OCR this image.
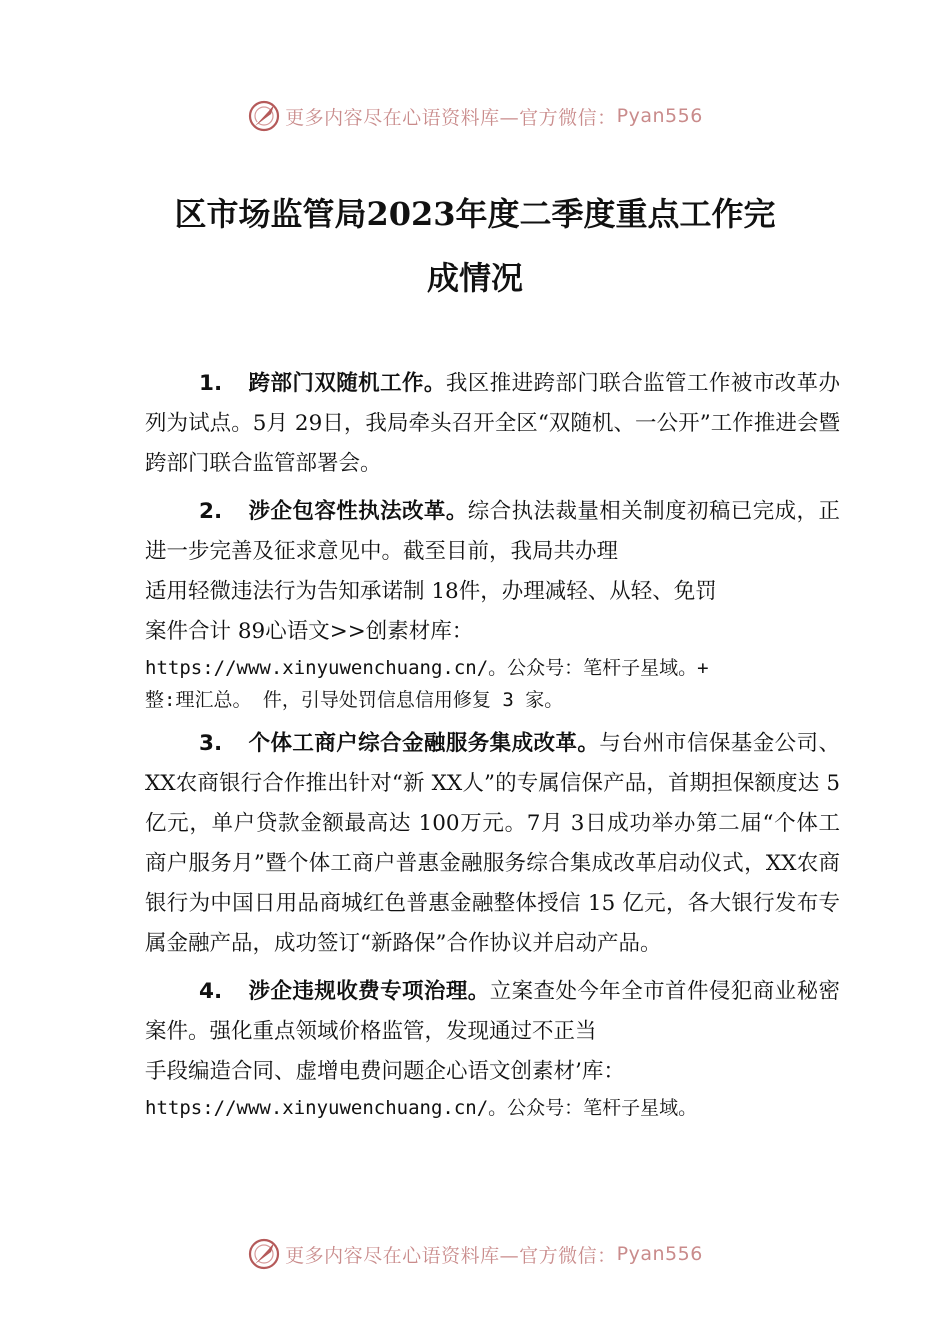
更多内容尽在心语资料库—官方微信： Pyan556
区市场监管局2023年度二季度重点工作完
成情况

1. 跨部门双随机工作。我区推进跨部门联合监管工作被市改革办列为试点。5月 29日，我局牵头召开全区“双随机、一公开”工作推进会暨跨部门联合监管部署会。

2. 涉企包容性执法改革。综合执法裁量相关制度初稿已完成，正进一步完善及征求意见中。截至目前，我局共办理
适用轻微违法行为告知承诺制 18件，办理减轻、从轻、免罚
案件合计 89心语文>>创素材库：
https://www.xinyuwenchuang.cn/。公众号：笔杆子星域。+
整:理汇总。 件，引导处罚信息信用修复 3 家。

3. 个体工商户综合金融服务集成改革。与台州市信保基金公司、XX农商银行合作推出针对“新 XX人”的专属信保产品，首期担保额度达 5亿元，单户贷款金额最高达 100万元。7月 3日成功举办第二届“个体工商户服务月”暨个体工商户普惠金融服务综合集成改革启动仪式，XX农商银行为中国日用品商城红色普惠金融整体授信 15 亿元，各大银行发布专属金融产品，成功签订“新路保”合作协议并启动产品。

4. 涉企违规收费专项治理。立案查处今年全市首件侵犯商业秘密案件。强化重点领域价格监管，发现通过不正当
手段编造合同、虚增电费问题企心语文创素材’库：
https://www.xinyuwenchuang.cn/。公众号：笔杆子星域。

更多内容尽在心语资料库—官方微信： Pyan556
